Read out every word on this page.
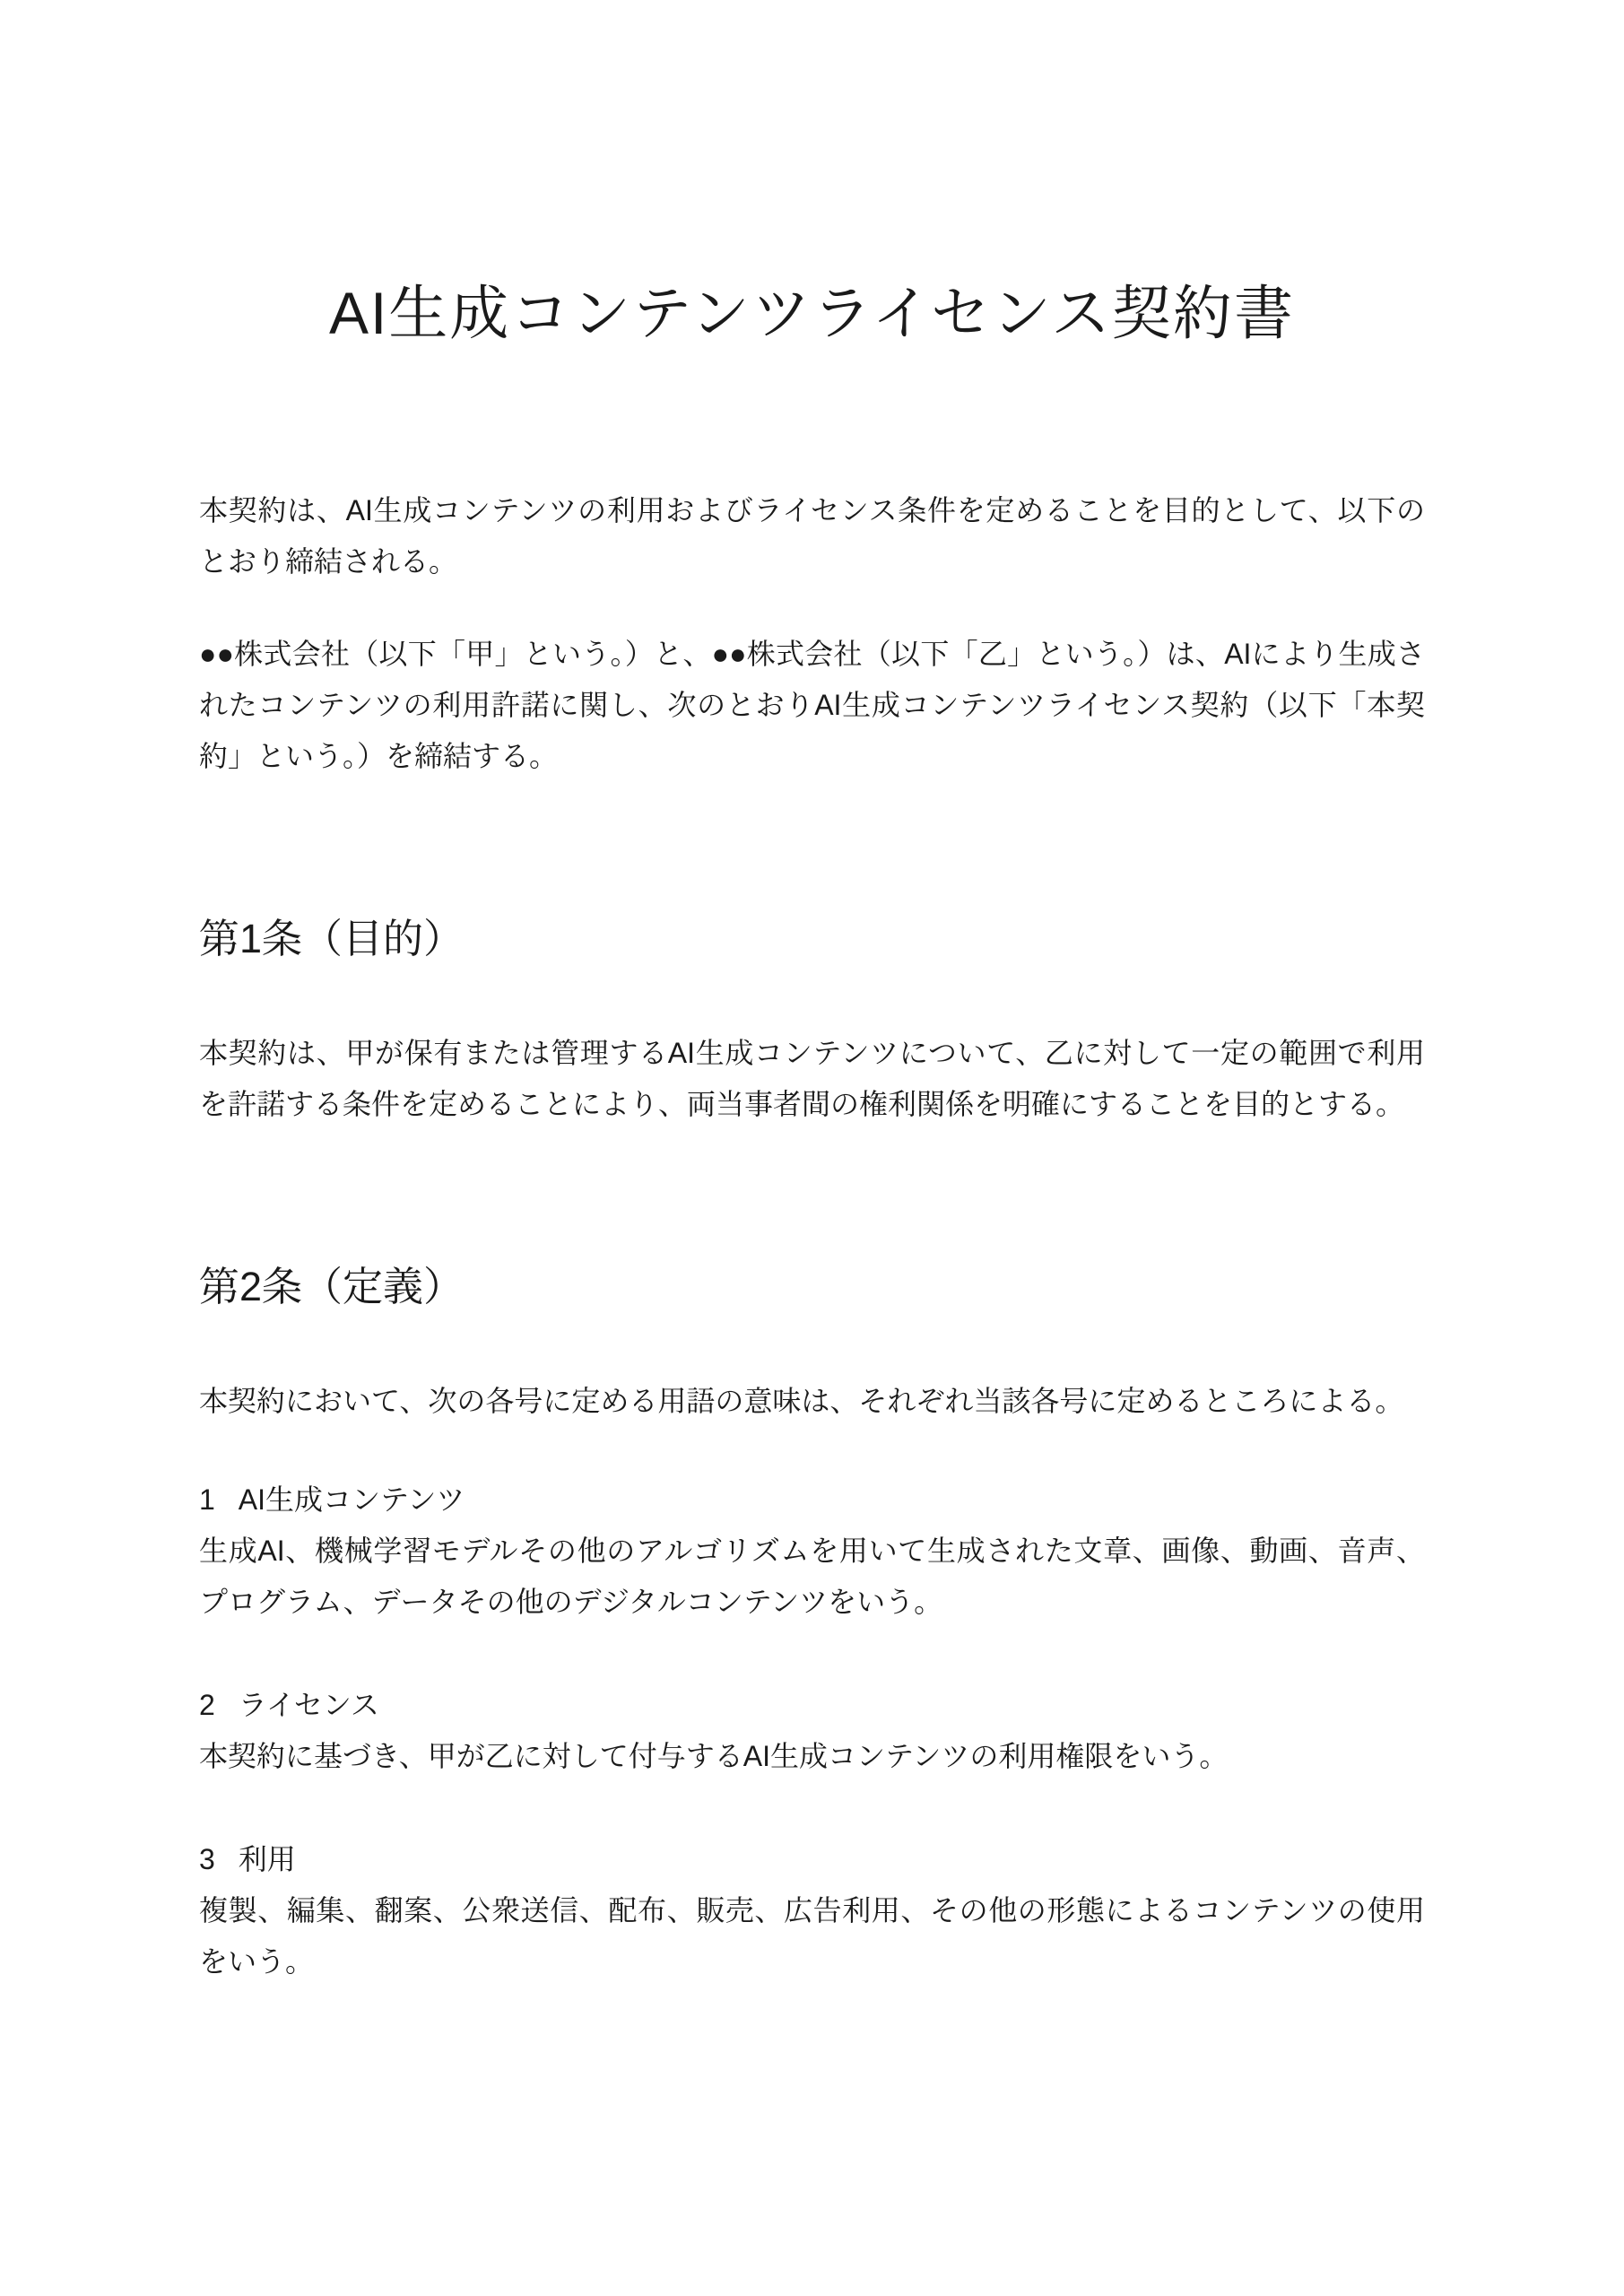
AI生成コンテンツライセンス契約書

本契約は、AI生成コンテンツの利用およびライセンス条件を定めることを目的として、以下のとおり締結される。

●●株式会社（以下「甲」という。）と、●●株式会社（以下「乙」という。）は、AIにより生成されたコンテンツの利用許諾に関し、次のとおりAI生成コンテンツライセンス契約（以下「本契約」という。）を締結する。

第1条（目的）

本契約は、甲が保有または管理するAI生成コンテンツについて、乙に対して一定の範囲で利用を許諾する条件を定めることにより、両当事者間の権利関係を明確にすることを目的とする。

第2条（定義）

本契約において、次の各号に定める用語の意味は、それぞれ当該各号に定めるところによる。

1 AI生成コンテンツ

生成AI、機械学習モデルその他のアルゴリズムを用いて生成された文章、画像、動画、音声、プログラム、データその他のデジタルコンテンツをいう。

2 ライセンス

本契約に基づき、甲が乙に対して付与するAI生成コンテンツの利用権限をいう。

3 利用

複製、編集、翻案、公衆送信、配布、販売、広告利用、その他の形態によるコンテンツの使用をいう。
